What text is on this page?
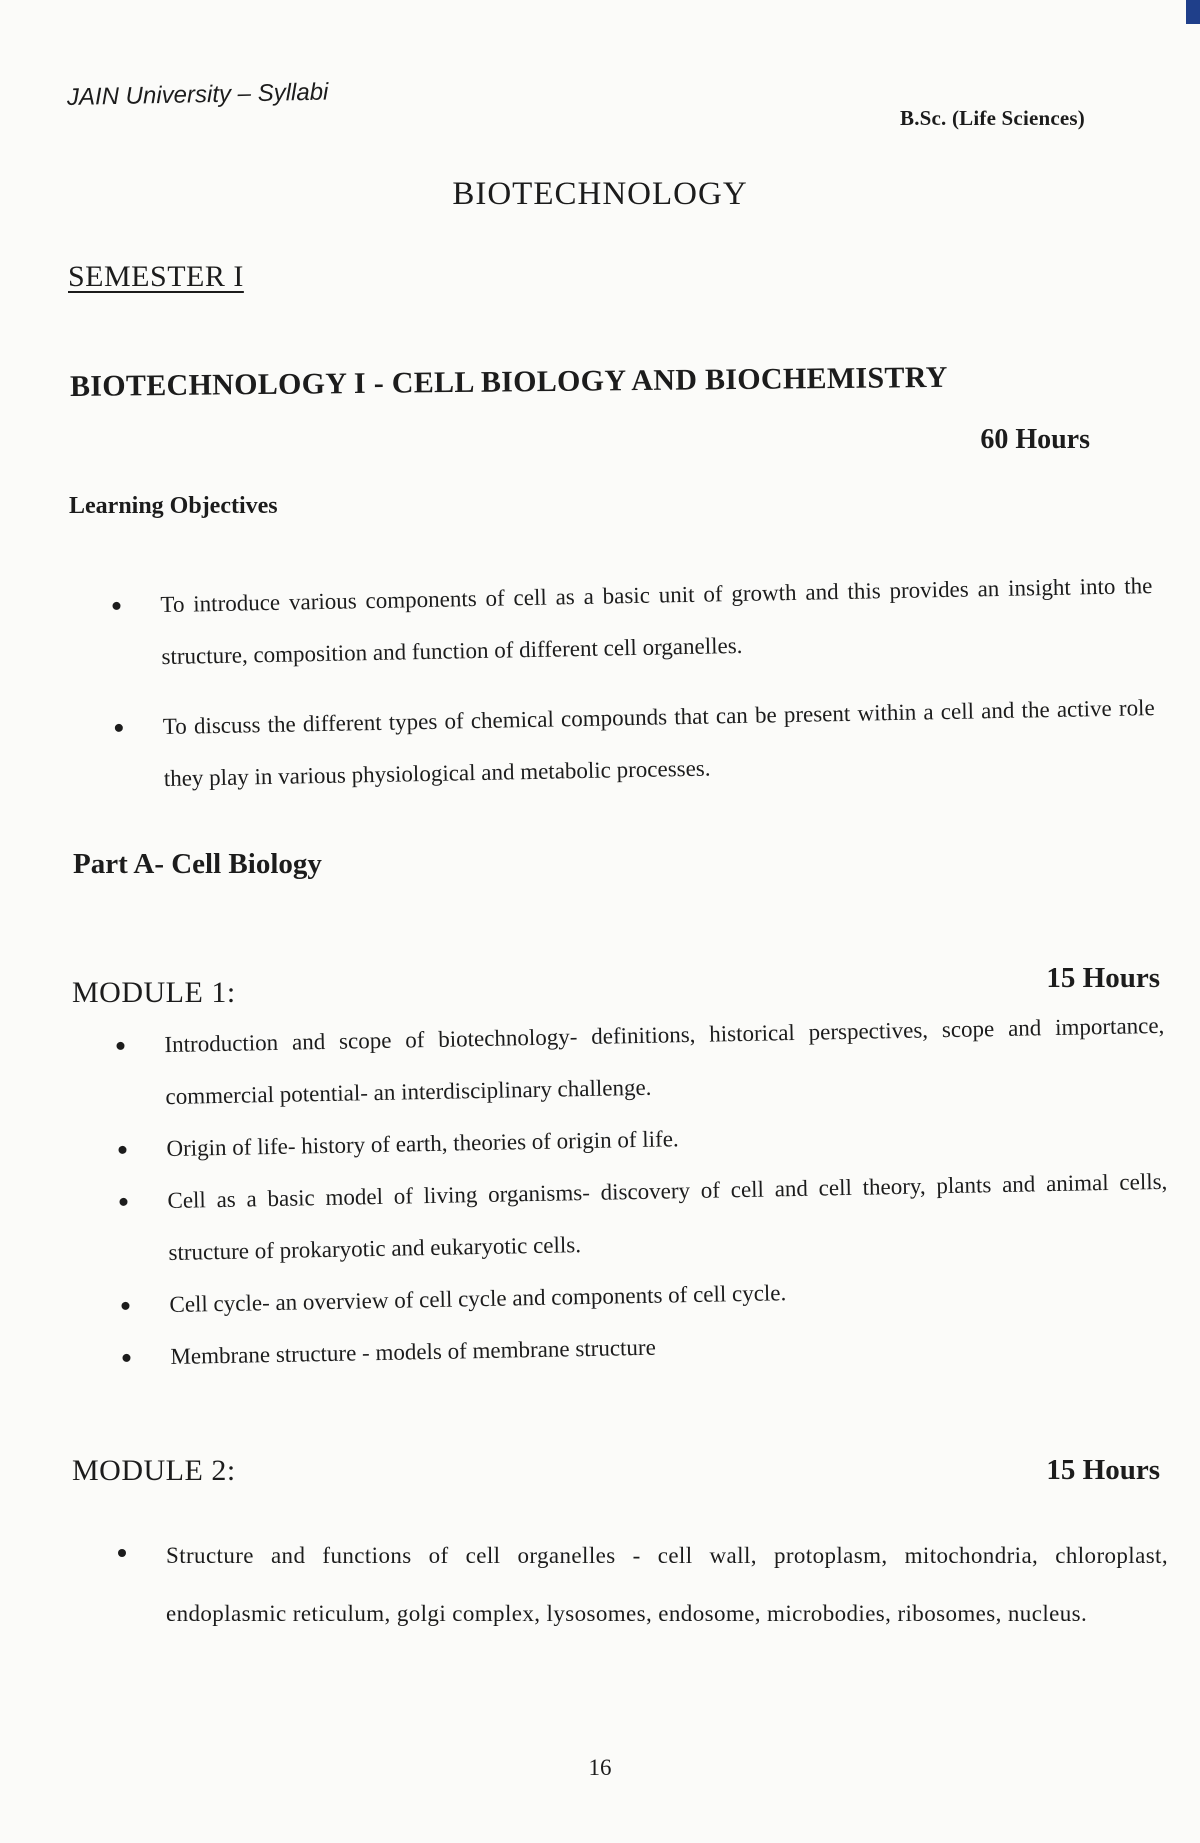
JAIN University – Syllabi
B.Sc. (Life Sciences)
BIOTECHNOLOGY
SEMESTER I
BIOTECHNOLOGY I - CELL BIOLOGY AND BIOCHEMISTRY
60 Hours
Learning Objectives
To introduce various components of cell as a basic unit of growth and this provides an insight into the structure, composition and function of different cell organelles.
To discuss the different types of chemical compounds that can be present within a cell and the active role they play in various physiological and metabolic processes.
Part A- Cell Biology
MODULE 1:	15 Hours
Introduction and scope of biotechnology- definitions, historical perspectives, scope and importance, commercial potential- an interdisciplinary challenge.
Origin of life- history of earth, theories of origin of life.
Cell as a basic model of living organisms- discovery of cell and cell theory, plants and animal cells, structure of prokaryotic and eukaryotic cells.
Cell cycle- an overview of cell cycle and components of cell cycle.
Membrane structure - models of membrane structure
MODULE 2:	15 Hours
Structure and functions of cell organelles - cell wall, protoplasm, mitochondria, chloroplast, endoplasmic reticulum, golgi complex, lysosomes, endosome, microbodies, ribosomes, nucleus.
16
